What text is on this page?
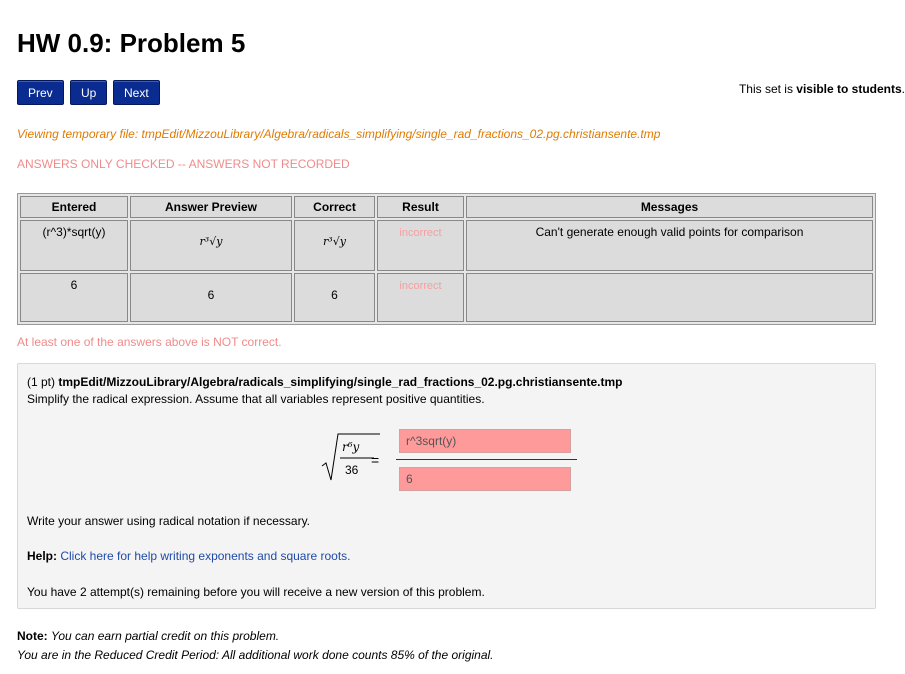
HW 0.9: Problem 5
Prev	Up	Next	This set is visible to students.
Viewing temporary file: tmpEdit/MizzouLibrary/Algebra/radicals_simplifying/single_rad_fractions_02.pg.christiansente.tmp
ANSWERS ONLY CHECKED -- ANSWERS NOT RECORDED
Entered	Answer Preview	Correct	Result	Messages
(r^3)*sqrt(y)	r³√y	r³√y	incorrect	Can't generate enough valid points for comparison
6	6	6	incorrect	
At least one of the answers above is NOT correct.
(1 pt) tmpEdit/MizzouLibrary/Algebra/radicals_simplifying/single_rad_fractions_02.pg.christiansente.tmp
Simplify the radical expression. Assume that all variables represent positive quantities.
r⁶y
36
=
r^3sqrt(y)
6
Write your answer using radical notation if necessary.
Help: Click here for help writing exponents and square roots.
You have 2 attempt(s) remaining before you will receive a new version of this problem.
Note: You can earn partial credit on this problem.
You are in the Reduced Credit Period: All additional work done counts 85% of the original.
